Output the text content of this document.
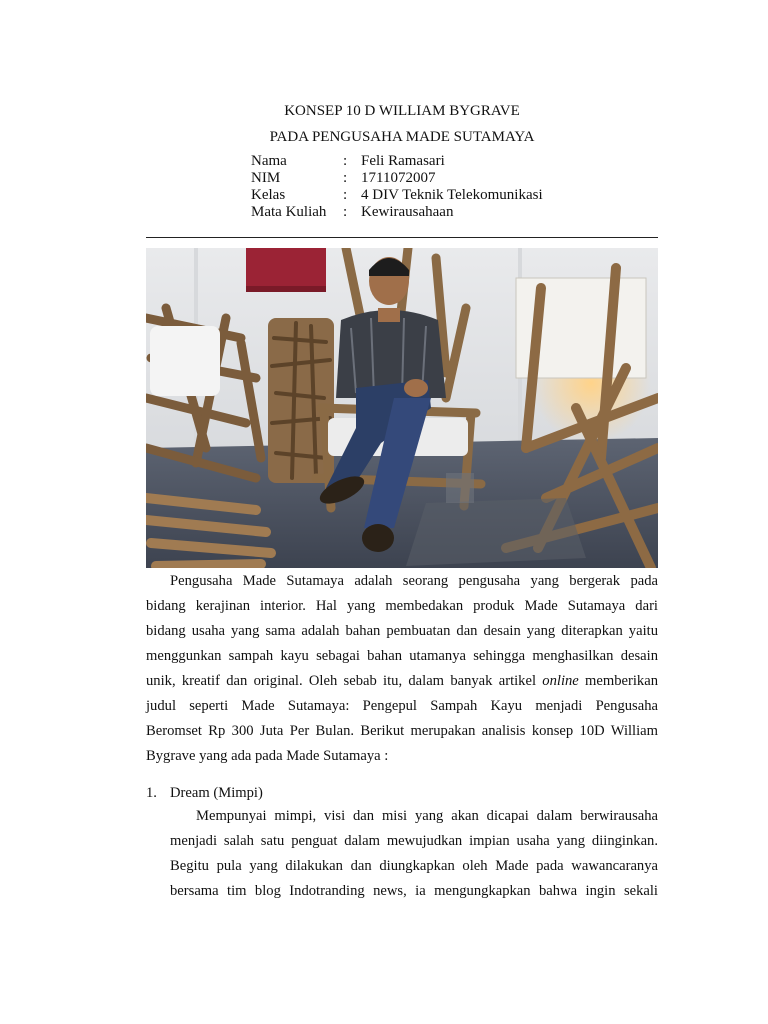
KONSEP 10 D WILLIAM BYGRAVE
PADA PENGUSAHA MADE SUTAMAYA
Nama	: Feli Ramasari
NIM	: 1711072007
Kelas	: 4 DIV Teknik Telekomunikasi
Mata Kuliah	: Kewirausahaan
Pengusaha Made Sutamaya adalah seorang pengusaha yang bergerak pada
bidang kerajinan interior. Hal yang membedakan produk Made Sutamaya dari
bidang usaha yang sama adalah bahan pembuatan dan desain yang diterapkan yaitu
menggunkan sampah kayu sebagai bahan utamanya sehingga menghasilkan desain
unik, kreatif dan original. Oleh sebab itu, dalam banyak artikel online memberikan
judul seperti Made Sutamaya: Pengepul Sampah Kayu menjadi Pengusaha
Beromset Rp 300 Juta Per Bulan. Berikut merupakan analisis konsep 10D William
Bygrave yang ada pada Made Sutamaya :
1. Dream (Mimpi)
Mempunyai mimpi, visi dan misi yang akan dicapai dalam berwirausaha
menjadi salah satu penguat dalam mewujudkan impian usaha yang diinginkan.
Begitu pula yang dilakukan dan diungkapkan oleh Made pada wawancaranya
bersama tim blog Indotranding news, ia mengungkapkan bahwa ingin sekali
